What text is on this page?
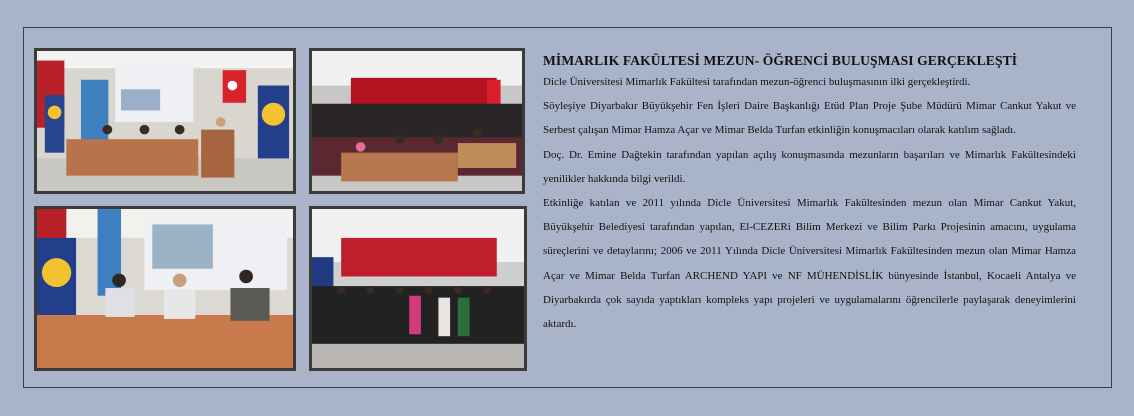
MİMARLIK FAKÜLTESİ MEZUN- ÖĞRENCİ BULUŞMASI GERÇEKLEŞTİ

Dicle Üniversitesi Mimarlık Fakültesi tarafından mezun-öğrenci buluşmasının ilki gerçekleştirdi.

Söyleşiye Diyarbakır Büyükşehir Fen İşleri Daire Başkanlığı Etüd Plan Proje Şube Müdürü Mimar Cankut Yakut ve Serbest çalışan Mimar Hamza Açar ve Mimar Belda Turfan etkinliğin konuşmacıları olarak katılım sağladı.

Doç. Dr. Emine Dağtekin tarafından yapılan açılış konuşmasında mezunların başarıları ve Mimarlık Fakültesindeki yenilikler hakkında bilgi verildi.

Etkinliğe katılan ve 2011 yılında Dicle Üniversitesi Mimarlık Fakültesinden mezun olan Mimar Cankut Yakut, Büyükşehir Belediyesi tarafından yapılan, El-CEZERi Bilim Merkezi ve Bilim Parkı Projesinin amacını, uygulama süreçlerini ve detaylarını; 2006 ve 2011 Yılında Dicle Üniversitesi Mimarlık Fakültesinden mezun olan Mimar Hamza Açar ve Mimar Belda Turfan ARCHEND YAPI ve NF MÜHENDİSLİK bünyesinde İstanbul, Kocaeli Antalya ve Diyarbakırda çok sayıda yaptıkları kompleks yapı projeleri ve uygulamalarını öğrencilerle paylaşarak deneyimlerini aktardı.
